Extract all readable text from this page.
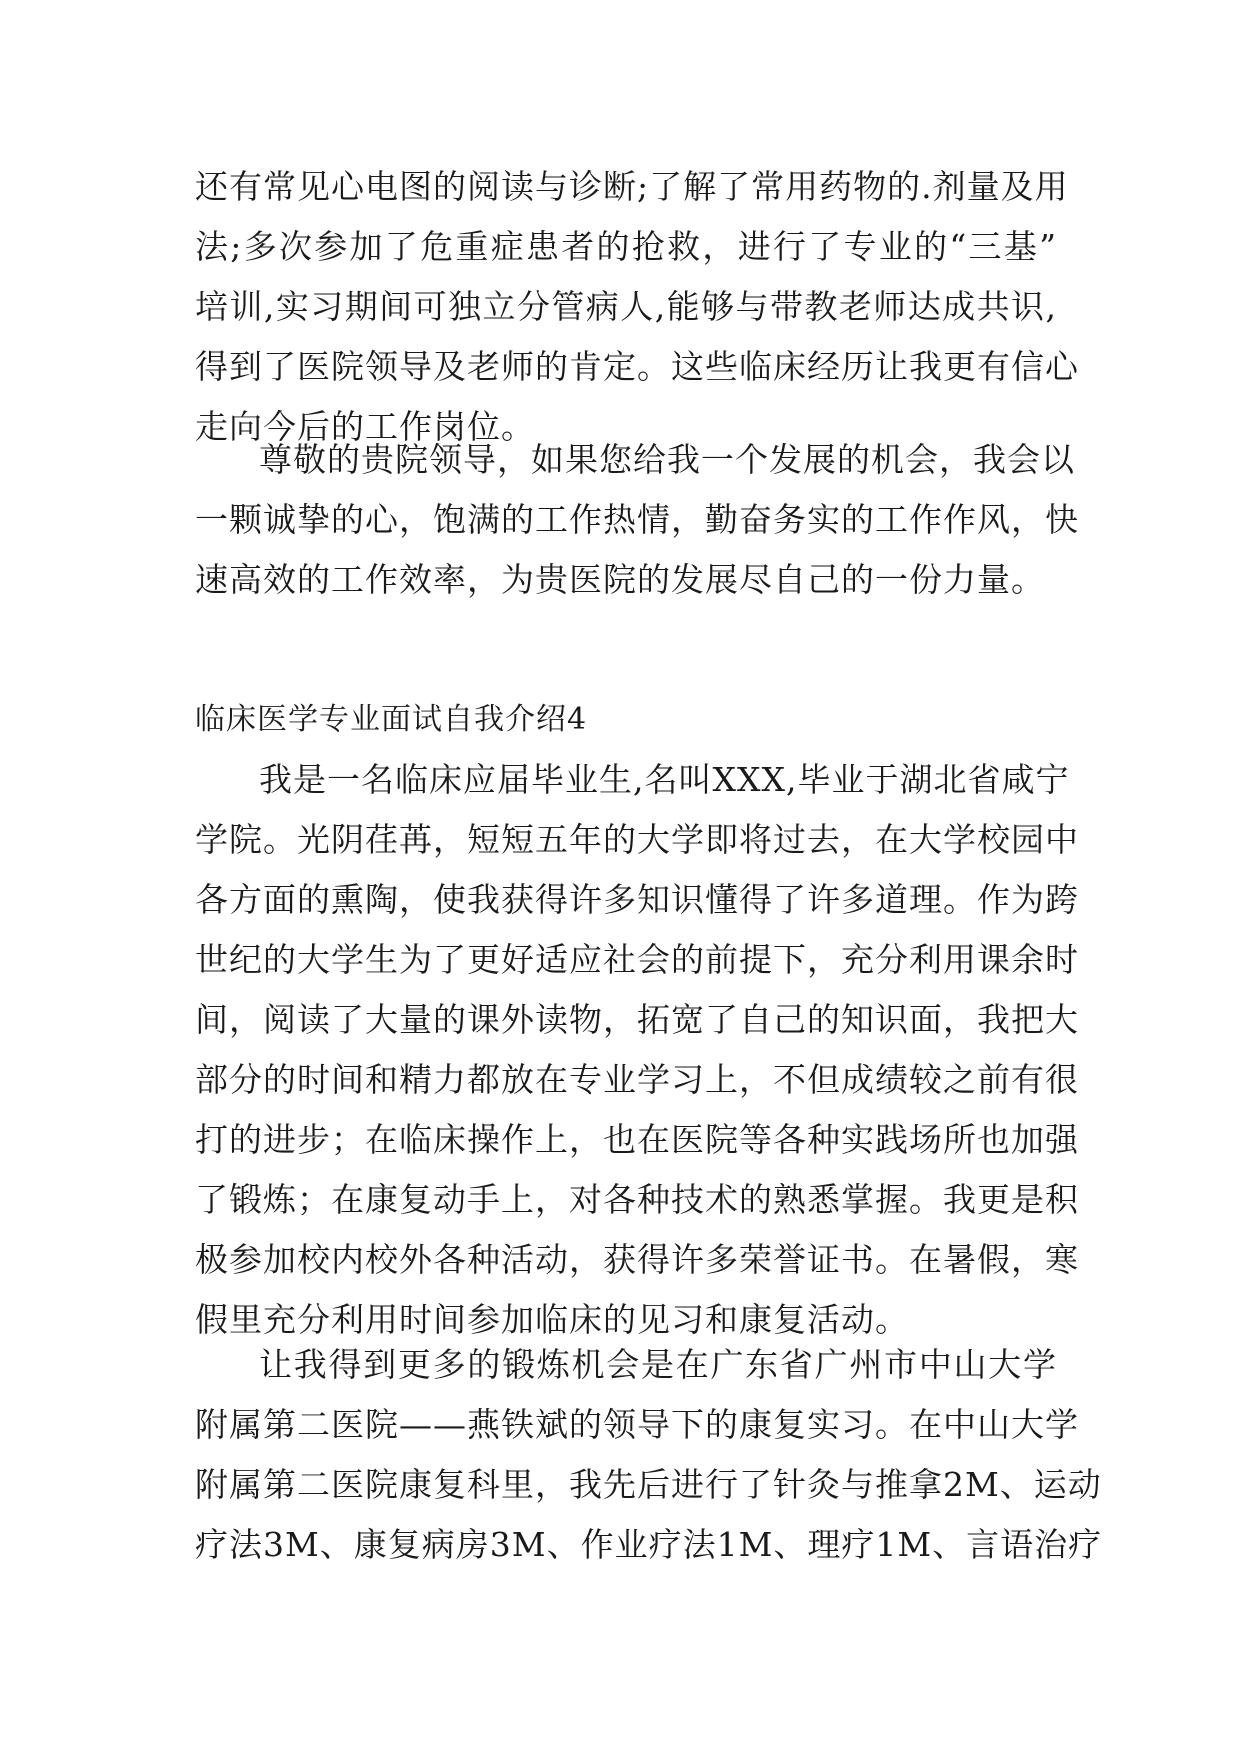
还有常见心电图的阅读与诊断;了解了常用药物的.剂量及用
法;多次参加了危重症患者的抢救，进行了专业的“三基”
培训,实习期间可独立分管病人,能够与带教老师达成共识,
得到了医院领导及老师的肯定。这些临床经历让我更有信心
走向今后的工作岗位。
尊敬的贵院领导，如果您给我一个发展的机会，我会以
一颗诚挚的心，饱满的工作热情，勤奋务实的工作作风，快
速高效的工作效率，为贵医院的发展尽自己的一份力量。
临床医学专业面试自我介绍4
我是一名临床应届毕业生,名叫XXX,毕业于湖北省咸宁
学院。光阴荏苒，短短五年的大学即将过去，在大学校园中
各方面的熏陶，使我获得许多知识懂得了许多道理。作为跨
世纪的大学生为了更好适应社会的前提下，充分利用课余时
间，阅读了大量的课外读物，拓宽了自己的知识面，我把大
部分的时间和精力都放在专业学习上，不但成绩较之前有很
打的进步；在临床操作上，也在医院等各种实践场所也加强
了锻炼；在康复动手上，对各种技术的熟悉掌握。我更是积
极参加校内校外各种活动，获得许多荣誉证书。在暑假，寒
假里充分利用时间参加临床的见习和康复活动。
让我得到更多的锻炼机会是在广东省广州市中山大学
附属第二医院——燕铁斌的领导下的康复实习。在中山大学
附属第二医院康复科里，我先后进行了针灸与推拿2M、运动
疗法3M、康复病房3M、作业疗法1M、理疗1M、言语治疗
